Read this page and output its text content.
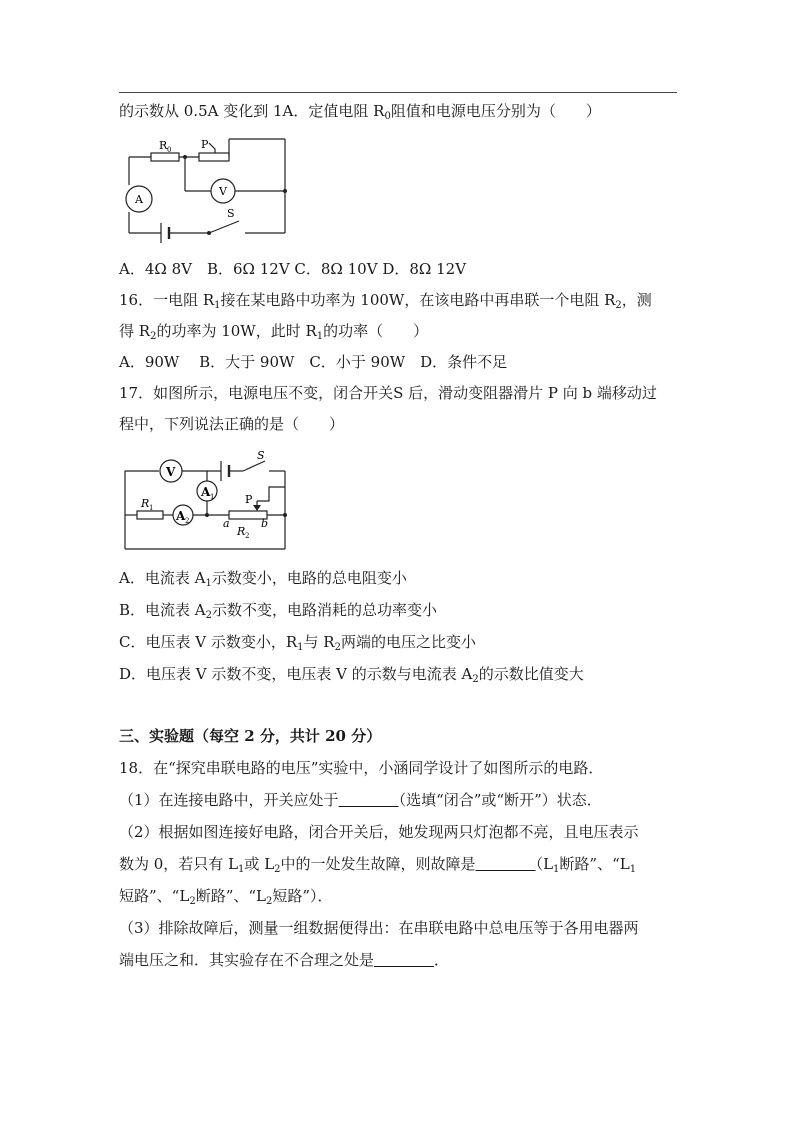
的示数从 0.5A 变化到 1A．定值电阻 $R_0$阻值和电源电压分别为（　　）
R 0	P
A
V
S
A．4Ω 8V　B．6Ω 12V C．8Ω 10V D．8Ω 12V
16．一电阻 $R_1$接在某电路中功率为 100W，在该电路中再串联一个电阻 $R_2$，测
得 $R_2$的功率为 10W，此时 $R_1$的功率（　　）
A．90W　 B．大于 90W　C．小于 90W　D．条件不足
17．如图所示，电源电压不变，闭合开关S 后，滑动变阻器滑片 P 向 b 端移动过
程中，下列说法正确的是（　　）
V
A 1
A 2
R 1
R 2
P
a	b
S
A．电流表 $A_1$示数变小，电路的总电阻变小
B．电流表 $A_2$示数不变，电路消耗的总功率变小
C．电压表 V 示数变小，$R_1$与 $R_2$两端的电压之比变小
D．电压表 V 示数不变，电压表 V 的示数与电流表 $A_2$的示数比值变大
三、实验题（每空 2 分，共计 20 分）
18．在“探究串联电路的电压”实验中，小涵同学设计了如图所示的电路．
（1）在连接电路中，开关应处于　　　　	（选填“闭合”或“断开”）状态．
（2）根据如图连接好电路，闭合开关后，她发现两只灯泡都不亮，且电压表示
数为 0，若只有 $L_1$或 $L_2$中的一处发生故障，则故障是　　　　	（$L_1$断路”、“$L_1$
短路”、“$L_2$断路”、“$L_2$短路”）．
（3）排除故障后，测量一组数据便得出：在串联电路中总电压等于各用电器两
端电压之和．其实验存在不合理之处是　　　　	．
